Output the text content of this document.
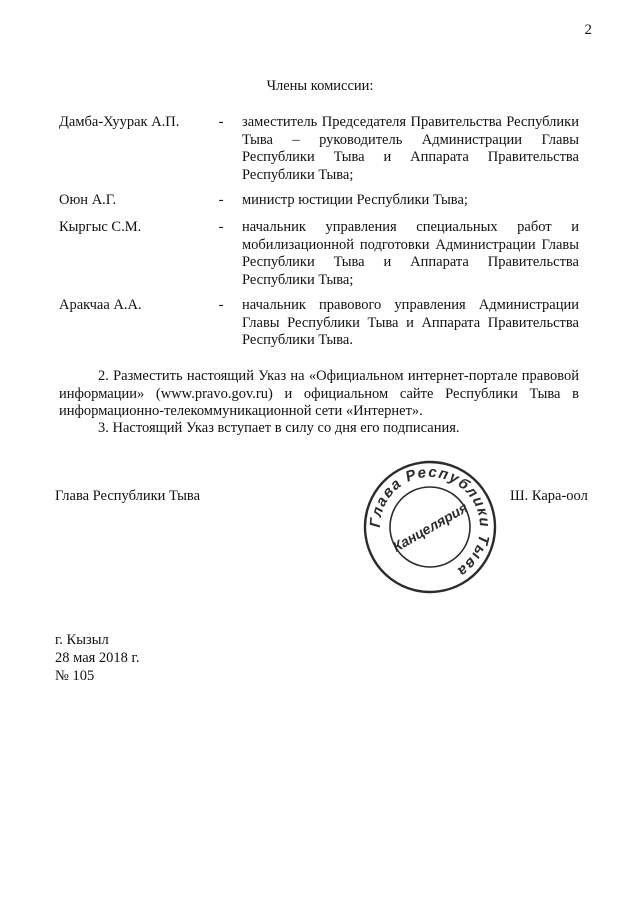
2
Члены комиссии:
Дамба-Хуурак А.П.	- заместитель Председателя Правительства Республики Тыва – руководитель Администрации Главы Республики Тыва и Аппарата Правительства Республики Тыва;
Оюн А.Г.	- министр юстиции Республики Тыва;
Кыргыс С.М.	- начальник управления специальных работ и мобилизационной подготовки Администрации Главы Республики Тыва и Аппарата Правительства Республики Тыва;
Аракчаа А.А.	- начальник правового управления Администрации Главы Республики Тыва и Аппарата Правительства Республики Тыва.
2. Разместить настоящий Указ на «Официальном интернет-портале правовой информации» (www.pravo.gov.ru) и официальном сайте Республики Тыва в информационно-телекоммуникационной сети «Интернет».
3. Настоящий Указ вступает в силу со дня его подписания.
Глава Республики Тыва
Глава Республики Тыва
Канцелярия
Ш. Кара-оол
г. Кызыл
28 мая 2018 г.
№ 105
